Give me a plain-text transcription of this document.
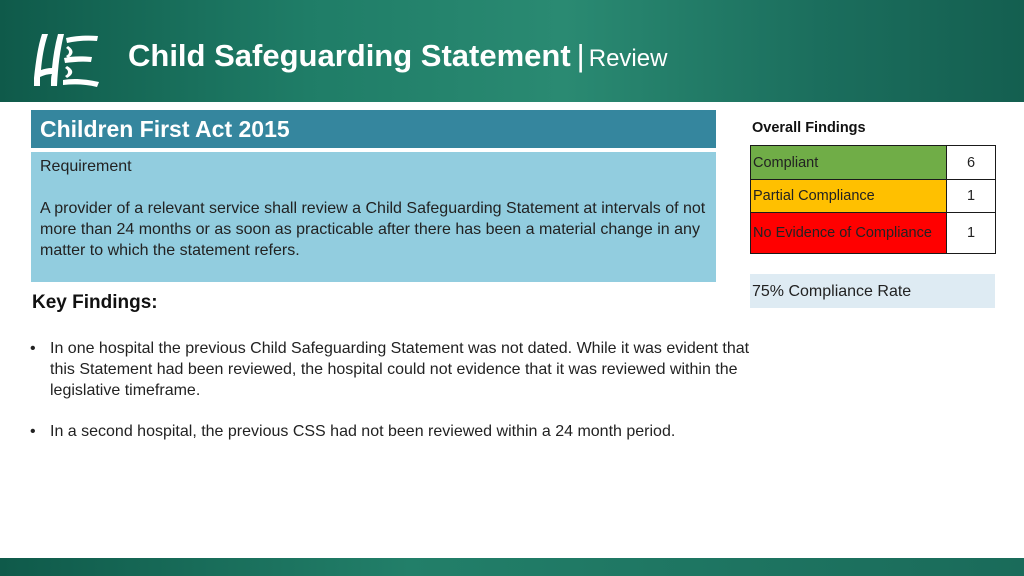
Child Safeguarding Statement | Review
Children First Act 2015
Requirement
A provider of a relevant service shall review a Child Safeguarding Statement at intervals of not more than 24 months or as soon as practicable after there has been a material change in any matter to which the statement refers.
Key Findings:
• In one hospital the previous Child Safeguarding Statement was not dated. While it was evident that this Statement had been reviewed, the hospital could not evidence that it was reviewed within the legislative timeframe.
• In a second hospital, the previous CSS had not been reviewed within a 24 month period.
Overall Findings
Compliant	6
Partial Compliance	1
No Evidence of Compliance	1
75% Compliance Rate
